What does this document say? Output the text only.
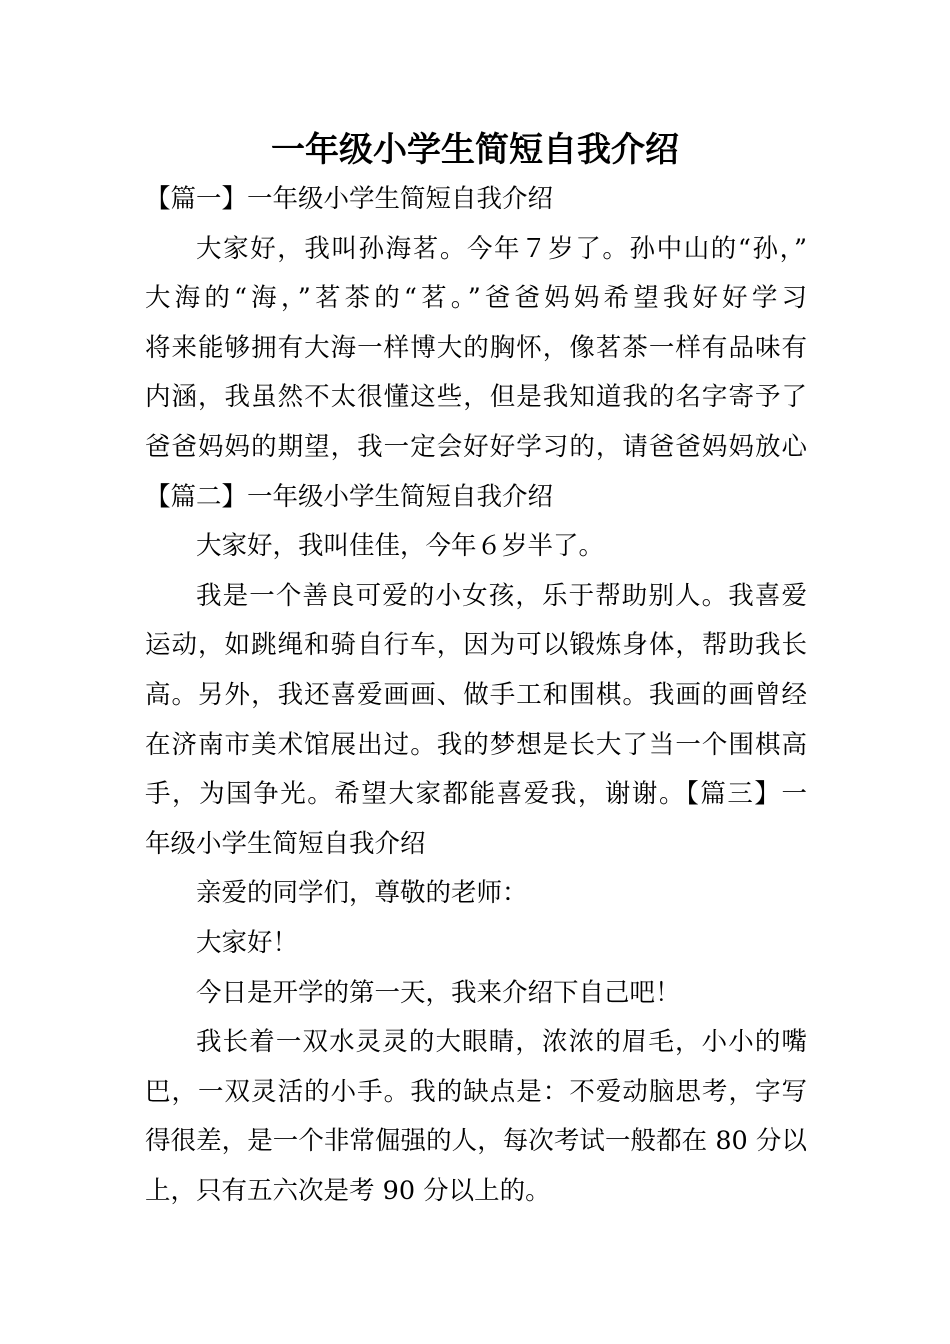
一年级小学生简短自我介绍

【篇一】一年级小学生简短自我介绍

大家好，我叫孙海茗。今年７岁了。孙中山的“孙，”

大海的“海，”茗茶的“茗。”爸爸妈妈希望我好好学习

将来能够拥有大海一样博大的胸怀，像茗茶一样有品味有

内涵，我虽然不太很懂这些，但是我知道我的名字寄予了

爸爸妈妈的期望，我一定会好好学习的，请爸爸妈妈放心

【篇二】一年级小学生简短自我介绍

大家好，我叫佳佳，今年６岁半了。

我是一个善良可爱的小女孩，乐于帮助别人。我喜爱

运动，如跳绳和骑自行车，因为可以锻炼身体，帮助我长

高。另外，我还喜爱画画、做手工和围棋。我画的画曾经

在济南市美术馆展出过。我的梦想是长大了当一个围棋高

手，为国争光。希望大家都能喜爱我，谢谢。【篇三】一

年级小学生简短自我介绍

亲爱的同学们，尊敬的老师：

大家好！

今日是开学的第一天，我来介绍下自己吧！

我长着一双水灵灵的大眼睛，浓浓的眉毛，小小的嘴

巴，一双灵活的小手。我的缺点是：不爱动脑思考，字写

得很差，是一个非常倔强的人，每次考试一般都在 80 分以

上，只有五六次是考 90 分以上的。
